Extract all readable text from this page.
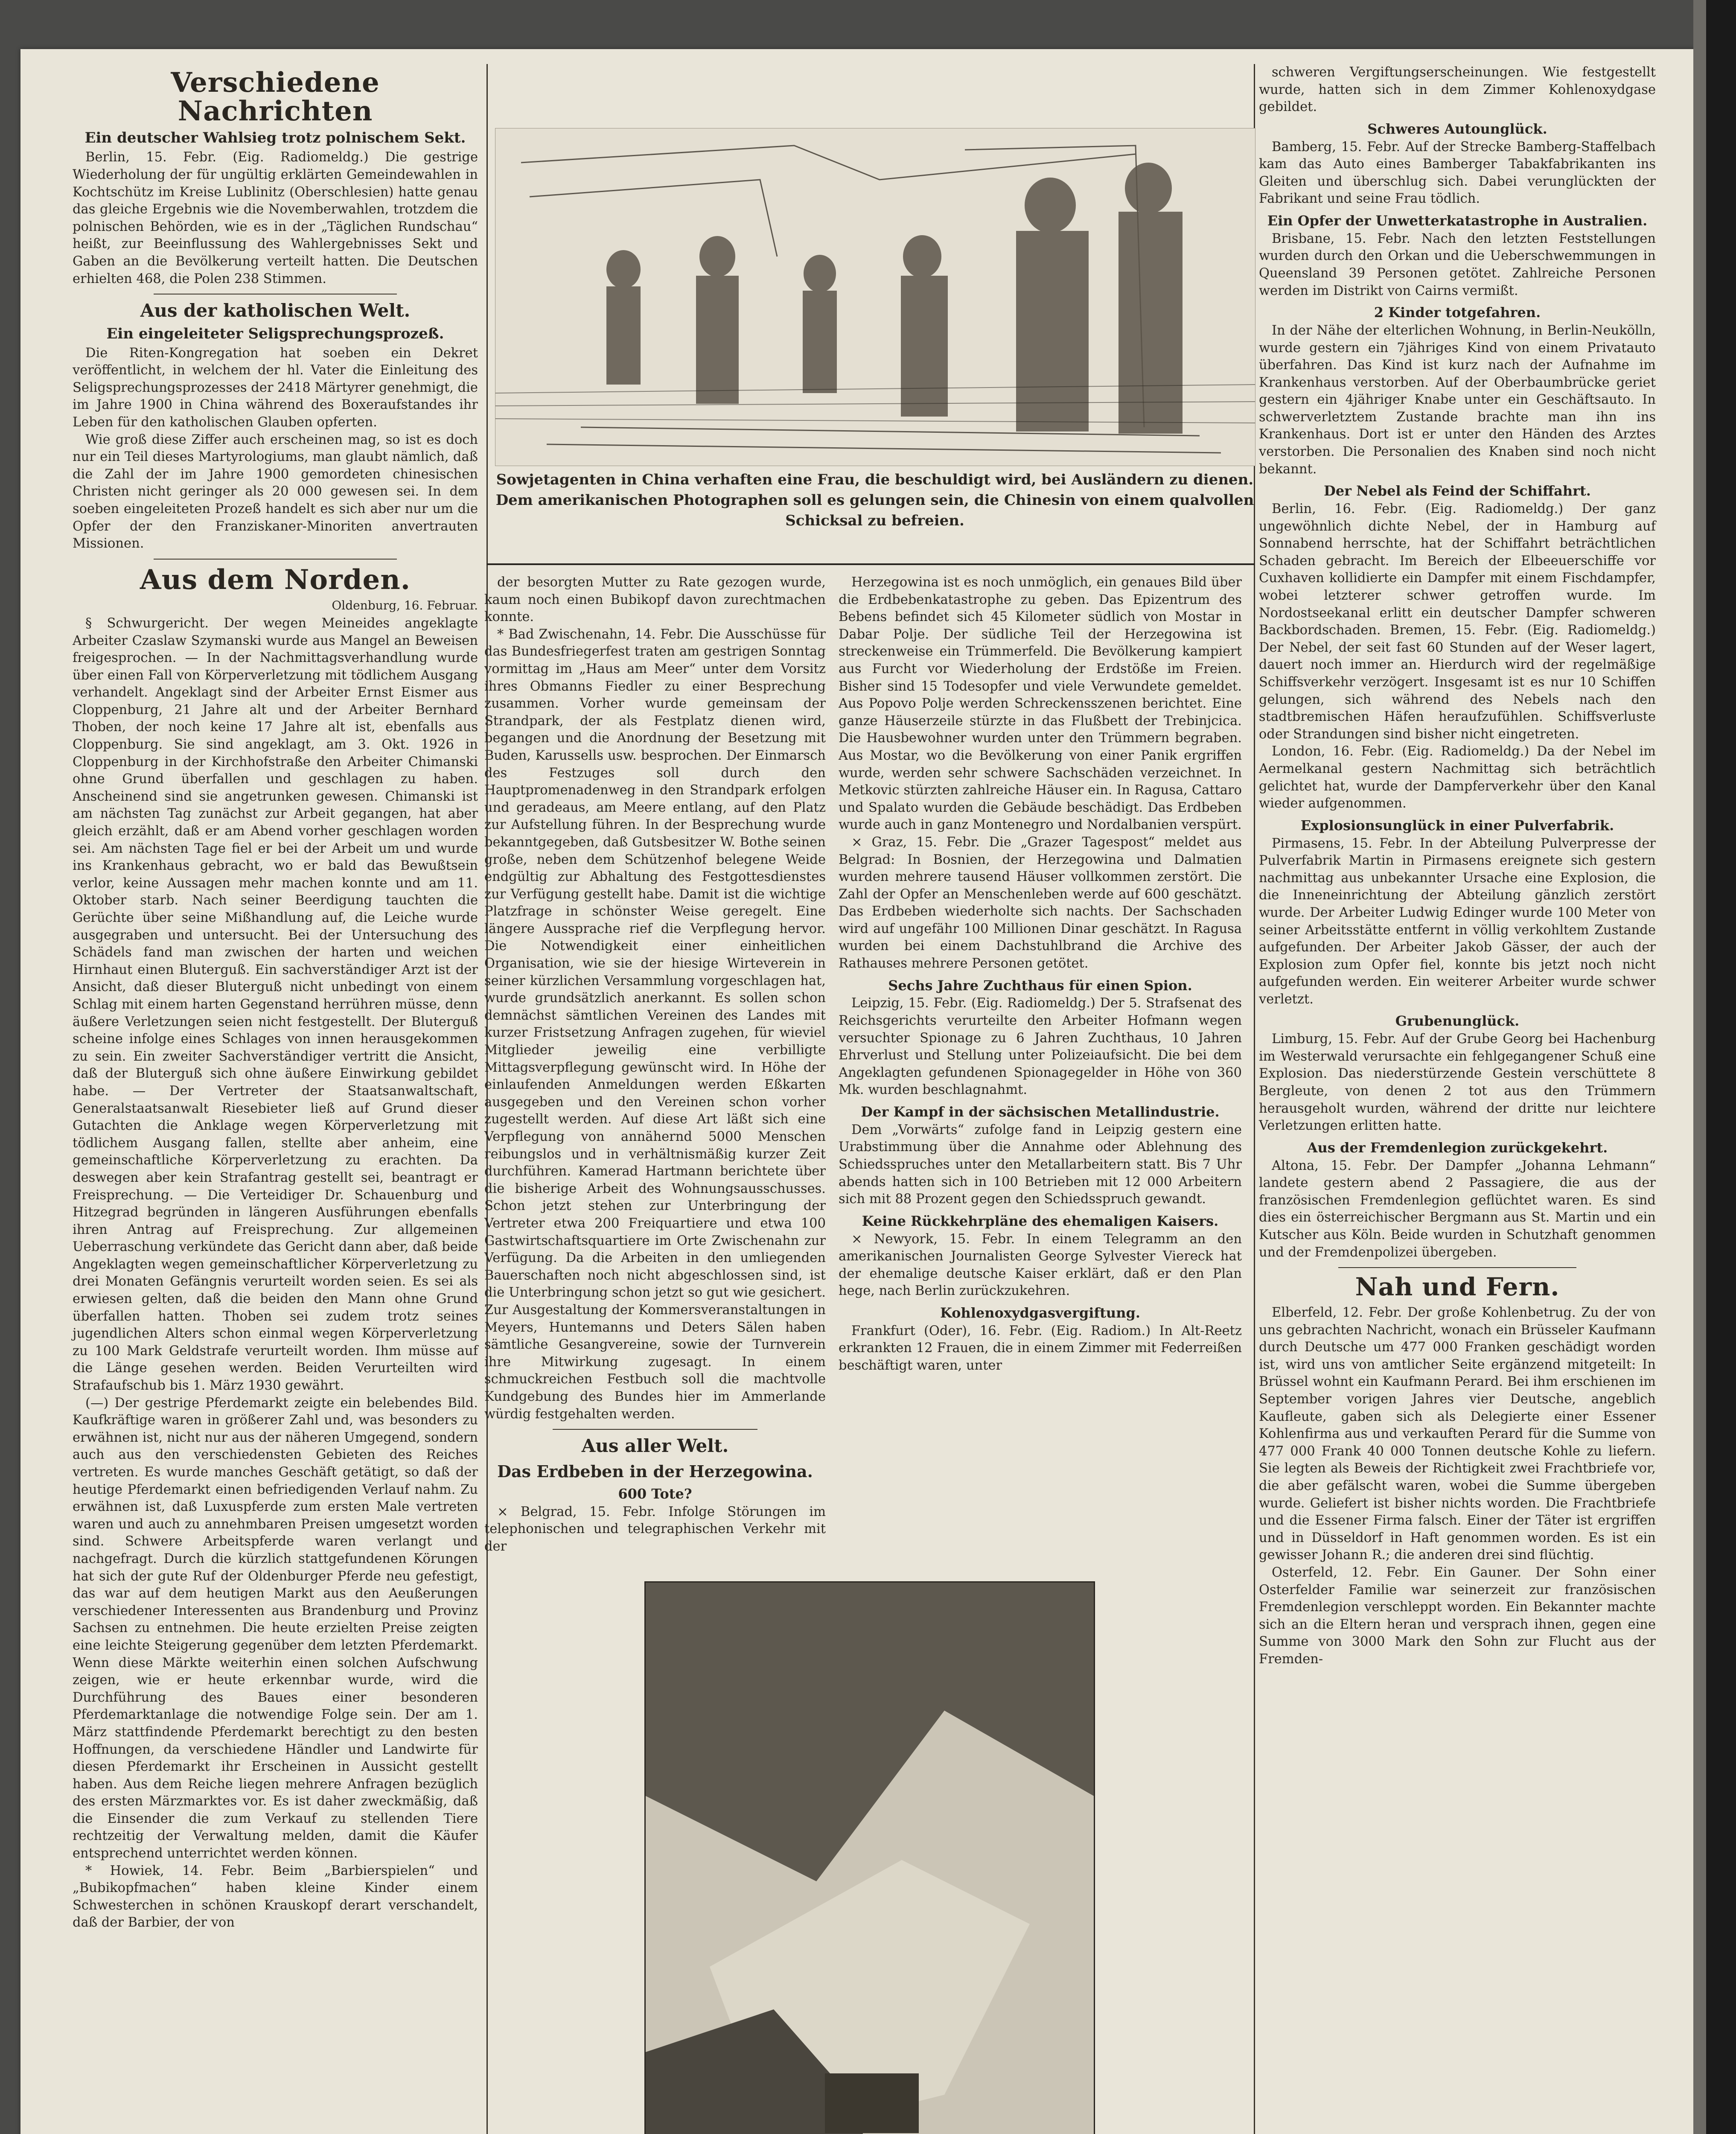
Verschiedene Nachrichten
Ein deutscher Wahlsieg trotz polnischem Sekt.

Berlin, 15. Febr. (Eig. Radiomeldg.) Die gestrige Wiederholung der für ungültig erklärten Gemeindewahlen in Kochtschütz im Kreise Lublinitz (Oberschlesien) hatte genau das gleiche Ergebnis wie die Novemberwahlen, trotzdem die polnischen Behörden, wie es in der „Täglichen Rundschau“ heißt, zur Beeinflussung des Wahlergebnisses Sekt und Gaben an die Bevölkerung verteilt hatten. Die Deutschen erhielten 468, die Polen 238 Stimmen.

Aus der katholischen Welt.
Ein eingeleiteter Seligsprechungsprozeß.

Die Riten-Kongregation hat soeben ein Dekret veröffentlicht, in welchem der hl. Vater die Einleitung des Seligsprechungsprozesses der 2418 Märtyrer genehmigt, die im Jahre 1900 in China während des Boxeraufstandes ihr Leben für den katholischen Glauben opferten.

Wie groß diese Ziffer auch erscheinen mag, so ist es doch nur ein Teil dieses Martyrologiums, man glaubt nämlich, daß die Zahl der im Jahre 1900 gemordeten chinesischen Christen nicht geringer als 20 000 gewesen sei. In dem soeben eingeleiteten Prozeß handelt es sich aber nur um die Opfer der den Franziskaner-Minoriten anvertrauten Missionen.

Aus dem Norden.
Oldenburg, 16. Februar.

§ Schwurgericht. Der wegen Meineides angeklagte Arbeiter Czaslaw Szymanski wurde aus Mangel an Beweisen freigesprochen. — In der Nachmittagsverhandlung wurde über einen Fall von Körperverletzung mit tödlichem Ausgang verhandelt. Angeklagt sind der Arbeiter Ernst Eismer aus Cloppenburg, 21 Jahre alt und der Arbeiter Bernhard Thoben, der noch keine 17 Jahre alt ist, ebenfalls aus Cloppenburg. Sie sind angeklagt, am 3. Okt. 1926 in Cloppenburg in der Kirchhofstraße den Arbeiter Chimanski ohne Grund überfallen und geschlagen zu haben. Anscheinend sind sie angetrunken gewesen. Chimanski ist am nächsten Tag zunächst zur Arbeit gegangen, hat aber gleich erzählt, daß er am Abend vorher geschlagen worden sei. Am nächsten Tage fiel er bei der Arbeit um und wurde ins Krankenhaus gebracht, wo er bald das Bewußtsein verlor, keine Aussagen mehr machen konnte und am 11. Oktober starb. Nach seiner Beerdigung tauchten die Gerüchte über seine Mißhandlung auf, die Leiche wurde ausgegraben und untersucht. Bei der Untersuchung des Schädels fand man zwischen der harten und weichen Hirnhaut einen Bluterguß. Ein sachverständiger Arzt ist der Ansicht, daß dieser Bluterguß nicht unbedingt von einem Schlag mit einem harten Gegenstand herrühren müsse, denn äußere Verletzungen seien nicht festgestellt. Der Bluterguß scheine infolge eines Schlages von innen herausgekommen zu sein. Ein zweiter Sachverständiger vertritt die Ansicht, daß der Bluterguß sich ohne äußere Einwirkung gebildet habe. — Der Vertreter der Staatsanwaltschaft, Generalstaatsanwalt Riesebieter ließ auf Grund dieser Gutachten die Anklage wegen Körperverletzung mit tödlichem Ausgang fallen, stellte aber anheim, eine gemeinschaftliche Körperverletzung zu erachten. Da deswegen aber kein Strafantrag gestellt sei, beantragt er Freisprechung. — Die Verteidiger Dr. Schauenburg und Hitzegrad begründen in längeren Ausführungen ebenfalls ihren Antrag auf Freisprechung. Zur allgemeinen Ueberraschung verkündete das Gericht dann aber, daß beide Angeklagten wegen gemeinschaftlicher Körperverletzung zu drei Monaten Gefängnis verurteilt worden seien. Es sei als erwiesen gelten, daß die beiden den Mann ohne Grund überfallen hatten. Thoben sei zudem trotz seines jugendlichen Alters schon einmal wegen Körperverletzung zu 100 Mark Geldstrafe verurteilt worden. Ihm müsse auf die Länge gesehen werden. Beiden Verurteilten wird Strafaufschub bis 1. März 1930 gewährt.

(—) Der gestrige Pferdemarkt zeigte ein belebendes Bild. Kaufkräftige waren in größerer Zahl und, was besonders zu erwähnen ist, nicht nur aus der näheren Umgegend, sondern auch aus den verschiedensten Gebieten des Reiches vertreten. Es wurde manches Geschäft getätigt, so daß der heutige Pferdemarkt einen befriedigenden Verlauf nahm. Zu erwähnen ist, daß Luxuspferde zum ersten Male vertreten waren und auch zu annehmbaren Preisen umgesetzt worden sind. Schwere Arbeitspferde waren verlangt und nachgefragt. Durch die kürzlich stattgefundenen Körungen hat sich der gute Ruf der Oldenburger Pferde neu gefestigt, das war auf dem heutigen Markt aus den Aeußerungen verschiedener Interessenten aus Brandenburg und Provinz Sachsen zu entnehmen. Die heute erzielten Preise zeigten eine leichte Steigerung gegenüber dem letzten Pferdemarkt. Wenn diese Märkte weiterhin einen solchen Aufschwung zeigen, wie er heute erkennbar wurde, wird die Durchführung des Baues einer besonderen Pferdemarktanlage die notwendige Folge sein. Der am 1. März stattfindende Pferdemarkt berechtigt zu den besten Hoffnungen, da verschiedene Händler und Landwirte für diesen Pferdemarkt ihr Erscheinen in Aussicht gestellt haben. Aus dem Reiche liegen mehrere Anfragen bezüglich des ersten Märzmarktes vor. Es ist daher zweckmäßig, daß die Einsender die zum Verkauf zu stellenden Tiere rechtzeitig der Verwaltung melden, damit die Käufer entsprechend unterrichtet werden können.

* Howiek, 14. Febr. Beim „Barbierspielen“ und „Bubikopfmachen“ haben kleine Kinder einem Schwesterchen in schönen Krauskopf derart verschandelt, daß der Barbier, der von

Sowjetagenten in China verhaften eine Frau, die beschuldigt wird, bei Ausländern zu dienen. Dem amerikanischen Photographen soll es gelungen sein, die Chinesin von einem qualvollen Schicksal zu befreien.

der besorgten Mutter zu Rate gezogen wurde, kaum noch einen Bubikopf davon zurechtmachen konnte.

* Bad Zwischenahn, 14. Febr. Die Ausschüsse für das Bundesfriegerfest traten am gestrigen Sonntag vormittag im „Haus am Meer“ unter dem Vorsitz ihres Obmanns Fiedler zu einer Besprechung zusammen. Vorher wurde gemeinsam der Strandpark, der als Festplatz dienen wird, begangen und die Anordnung der Besetzung mit Buden, Karussells usw. besprochen. Der Einmarsch des Festzuges soll durch den Hauptpromenadenweg in den Strandpark erfolgen und geradeaus, am Meere entlang, auf den Platz zur Aufstellung führen. In der Besprechung wurde bekanntgegeben, daß Gutsbesitzer W. Bothe seinen große, neben dem Schützenhof belegene Weide endgültig zur Abhaltung des Festgottesdienstes zur Verfügung gestellt habe. Damit ist die wichtige Platzfrage in schönster Weise geregelt. Eine längere Aussprache rief die Verpflegung hervor. Die Notwendigkeit einer einheitlichen Organisation, wie sie der hiesige Wirteverein in seiner kürzlichen Versammlung vorgeschlagen hat, wurde grundsätzlich anerkannt. Es sollen schon demnächst sämtlichen Vereinen des Landes mit kurzer Fristsetzung Anfragen zugehen, für wieviel Mitglieder jeweilig eine verbilligte Mittagsverpflegung gewünscht wird. In Höhe der einlaufenden Anmeldungen werden Eßkarten ausgegeben und den Vereinen schon vorher zugestellt werden. Auf diese Art läßt sich eine Verpflegung von annähernd 5000 Menschen reibungslos und in verhältnismäßig kurzer Zeit durchführen. Kamerad Hartmann berichtete über die bisherige Arbeit des Wohnungsausschusses. Schon jetzt stehen zur Unterbringung der Vertreter etwa 200 Freiquartiere und etwa 100 Gastwirtschaftsquartiere im Orte Zwischenahn zur Verfügung. Da die Arbeiten in den umliegenden Bauerschaften noch nicht abgeschlossen sind, ist die Unterbringung schon jetzt so gut wie gesichert. Zur Ausgestaltung der Kommersveranstaltungen in Meyers, Huntemanns und Deters Sälen haben sämtliche Gesangvereine, sowie der Turnverein ihre Mitwirkung zugesagt. In einem schmuckreichen Festbuch soll die machtvolle Kundgebung des Bundes hier im Ammerlande würdig festgehalten werden.

Aus aller Welt.
Das Erdbeben in der Herzegowina.
600 Tote?

× Belgrad, 15. Febr. Infolge Störungen im telephonischen und telegraphischen Verkehr mit der

Herzegowina ist es noch unmöglich, ein genaues Bild über die Erdbebenkatastrophe zu geben. Das Epizentrum des Bebens befindet sich 45 Kilometer südlich von Mostar in Dabar Polje. Der südliche Teil der Herzegowina ist streckenweise ein Trümmerfeld. Die Bevölkerung kampiert aus Furcht vor Wiederholung der Erdstöße im Freien. Bisher sind 15 Todesopfer und viele Verwundete gemeldet. Aus Popovo Polje werden Schreckensszenen berichtet. Eine ganze Häuserzeile stürzte in das Flußbett der Trebinjcica. Die Hausbewohner wurden unter den Trümmern begraben. Aus Mostar, wo die Bevölkerung von einer Panik ergriffen wurde, werden sehr schwere Sachschäden verzeichnet. In Metkovic stürzten zahlreiche Häuser ein. In Ragusa, Cattaro und Spalato wurden die Gebäude beschädigt. Das Erdbeben wurde auch in ganz Montenegro und Nordalbanien verspürt.

× Graz, 15. Febr. Die „Grazer Tagespost“ meldet aus Belgrad: In Bosnien, der Herzegowina und Dalmatien wurden mehrere tausend Häuser vollkommen zerstört. Die Zahl der Opfer an Menschenleben werde auf 600 geschätzt. Das Erdbeben wiederholte sich nachts. Der Sachschaden wird auf ungefähr 100 Millionen Dinar geschätzt. In Ragusa wurden bei einem Dachstuhlbrand die Archive des Rathauses mehrere Personen getötet.

Sechs Jahre Zuchthaus für einen Spion.

Leipzig, 15. Febr. (Eig. Radiomeldg.) Der 5. Strafsenat des Reichsgerichts verurteilte den Arbeiter Hofmann wegen versuchter Spionage zu 6 Jahren Zuchthaus, 10 Jahren Ehrverlust und Stellung unter Polizeiaufsicht. Die bei dem Angeklagten gefundenen Spionagegelder in Höhe von 360 Mk. wurden beschlagnahmt.

Der Kampf in der sächsischen Metallindustrie.

Dem „Vorwärts“ zufolge fand in Leipzig gestern eine Urabstimmung über die Annahme oder Ablehnung des Schiedsspruches unter den Metallarbeitern statt. Bis 7 Uhr abends hatten sich in 100 Betrieben mit 12 000 Arbeitern sich mit 88 Prozent gegen den Schiedsspruch gewandt.

Keine Rückkehrpläne des ehemaligen Kaisers.

× Newyork, 15. Febr. In einem Telegramm an den amerikanischen Journalisten George Sylvester Viereck hat der ehemalige deutsche Kaiser erklärt, daß er den Plan hege, nach Berlin zurückzukehren.

Kohlenoxydgasvergiftung.

Frankfurt (Oder), 16. Febr. (Eig. Radiom.) In Alt-Reetz erkrankten 12 Frauen, die in einem Zimmer mit Federreißen beschäftigt waren, unter

schweren Vergiftungserscheinungen. Wie festgestellt wurde, hatten sich in dem Zimmer Kohlenoxydgase gebildet.

Schweres Autounglück.

Bamberg, 15. Febr. Auf der Strecke Bamberg-Staffelbach kam das Auto eines Bamberger Tabakfabrikanten ins Gleiten und überschlug sich. Dabei verunglückten der Fabrikant und seine Frau tödlich.

Ein Opfer der Unwetterkatastrophe in Australien.

Brisbane, 15. Febr. Nach den letzten Feststellungen wurden durch den Orkan und die Ueberschwemmungen in Queensland 39 Personen getötet. Zahlreiche Personen werden im Distrikt von Cairns vermißt.

2 Kinder totgefahren.

In der Nähe der elterlichen Wohnung, in Berlin-Neukölln, wurde gestern ein 7jähriges Kind von einem Privatauto überfahren. Das Kind ist kurz nach der Aufnahme im Krankenhaus verstorben. Auf der Oberbaumbrücke geriet gestern ein 4jähriger Knabe unter ein Geschäftsauto. In schwerverletztem Zustande brachte man ihn ins Krankenhaus. Dort ist er unter den Händen des Arztes verstorben. Die Personalien des Knaben sind noch nicht bekannt.

Der Nebel als Feind der Schiffahrt.

Berlin, 16. Febr. (Eig. Radiomeldg.) Der ganz ungewöhnlich dichte Nebel, der in Hamburg auf Sonnabend herrschte, hat der Schiffahrt beträchtlichen Schaden gebracht. Im Bereich der Elbeeuerschiffe vor Cuxhaven kollidierte ein Dampfer mit einem Fischdampfer, wobei letzterer schwer getroffen wurde. Im Nordostseekanal erlitt ein deutscher Dampfer schweren Backbordschaden. Bremen, 15. Febr. (Eig. Radiomeldg.) Der Nebel, der seit fast 60 Stunden auf der Weser lagert, dauert noch immer an. Hierdurch wird der regelmäßige Schiffsverkehr verzögert. Insgesamt ist es nur 10 Schiffen gelungen, sich während des Nebels nach den stadtbremischen Häfen heraufzufühlen. Schiffsverluste oder Strandungen sind bisher nicht eingetreten.

London, 16. Febr. (Eig. Radiomeldg.) Da der Nebel im Aermelkanal gestern Nachmittag sich beträchtlich gelichtet hat, wurde der Dampferverkehr über den Kanal wieder aufgenommen.

Explosionsunglück in einer Pulverfabrik.

Pirmasens, 15. Febr. In der Abteilung Pulverpresse der Pulverfabrik Martin in Pirmasens ereignete sich gestern nachmittag aus unbekannter Ursache eine Explosion, die die Inneneinrichtung der Abteilung gänzlich zerstört wurde. Der Arbeiter Ludwig Edinger wurde 100 Meter von seiner Arbeitsstätte entfernt in völlig verkohltem Zustande aufgefunden. Der Arbeiter Jakob Gässer, der auch der Explosion zum Opfer fiel, konnte bis jetzt noch nicht aufgefunden werden. Ein weiterer Arbeiter wurde schwer verletzt.

Grubenunglück.

Limburg, 15. Febr. Auf der Grube Georg bei Hachenburg im Westerwald verursachte ein fehlgegangener Schuß eine Explosion. Das niederstürzende Gestein verschüttete 8 Bergleute, von denen 2 tot aus den Trümmern herausgeholt wurden, während der dritte nur leichtere Verletzungen erlitten hatte.

Aus der Fremdenlegion zurückgekehrt.

Altona, 15. Febr. Der Dampfer „Johanna Lehmann“ landete gestern abend 2 Passagiere, die aus der französischen Fremdenlegion geflüchtet waren. Es sind dies ein österreichischer Bergmann aus St. Martin und ein Kutscher aus Köln. Beide wurden in Schutzhaft genommen und der Fremdenpolizei übergeben.

Nah und Fern.

Elberfeld, 12. Febr. Der große Kohlenbetrug. Zu der von uns gebrachten Nachricht, wonach ein Brüsseler Kaufmann durch Deutsche um 477 000 Franken geschädigt worden ist, wird uns von amtlicher Seite ergänzend mitgeteilt: In Brüssel wohnt ein Kaufmann Perard. Bei ihm erschienen im September vorigen Jahres vier Deutsche, angeblich Kaufleute, gaben sich als Delegierte einer Essener Kohlenfirma aus und verkauften Perard für die Summe von 477 000 Frank 40 000 Tonnen deutsche Kohle zu liefern. Sie legten als Beweis der Richtigkeit zwei Frachtbriefe vor, die aber gefälscht waren, wobei die Summe übergeben wurde. Geliefert ist bisher nichts worden. Die Frachtbriefe und die Essener Firma falsch. Einer der Täter ist ergriffen und in Düsseldorf in Haft genommen worden. Es ist ein gewisser Johann R.; die anderen drei sind flüchtig.

Osterfeld, 12. Febr. Ein Gauner. Der Sohn einer Osterfelder Familie war seinerzeit zur französischen Fremdenlegion verschleppt worden. Ein Bekannter machte sich an die Eltern heran und versprach ihnen, gegen eine Summe von 3000 Mark den Sohn zur Flucht aus der Fremden-
